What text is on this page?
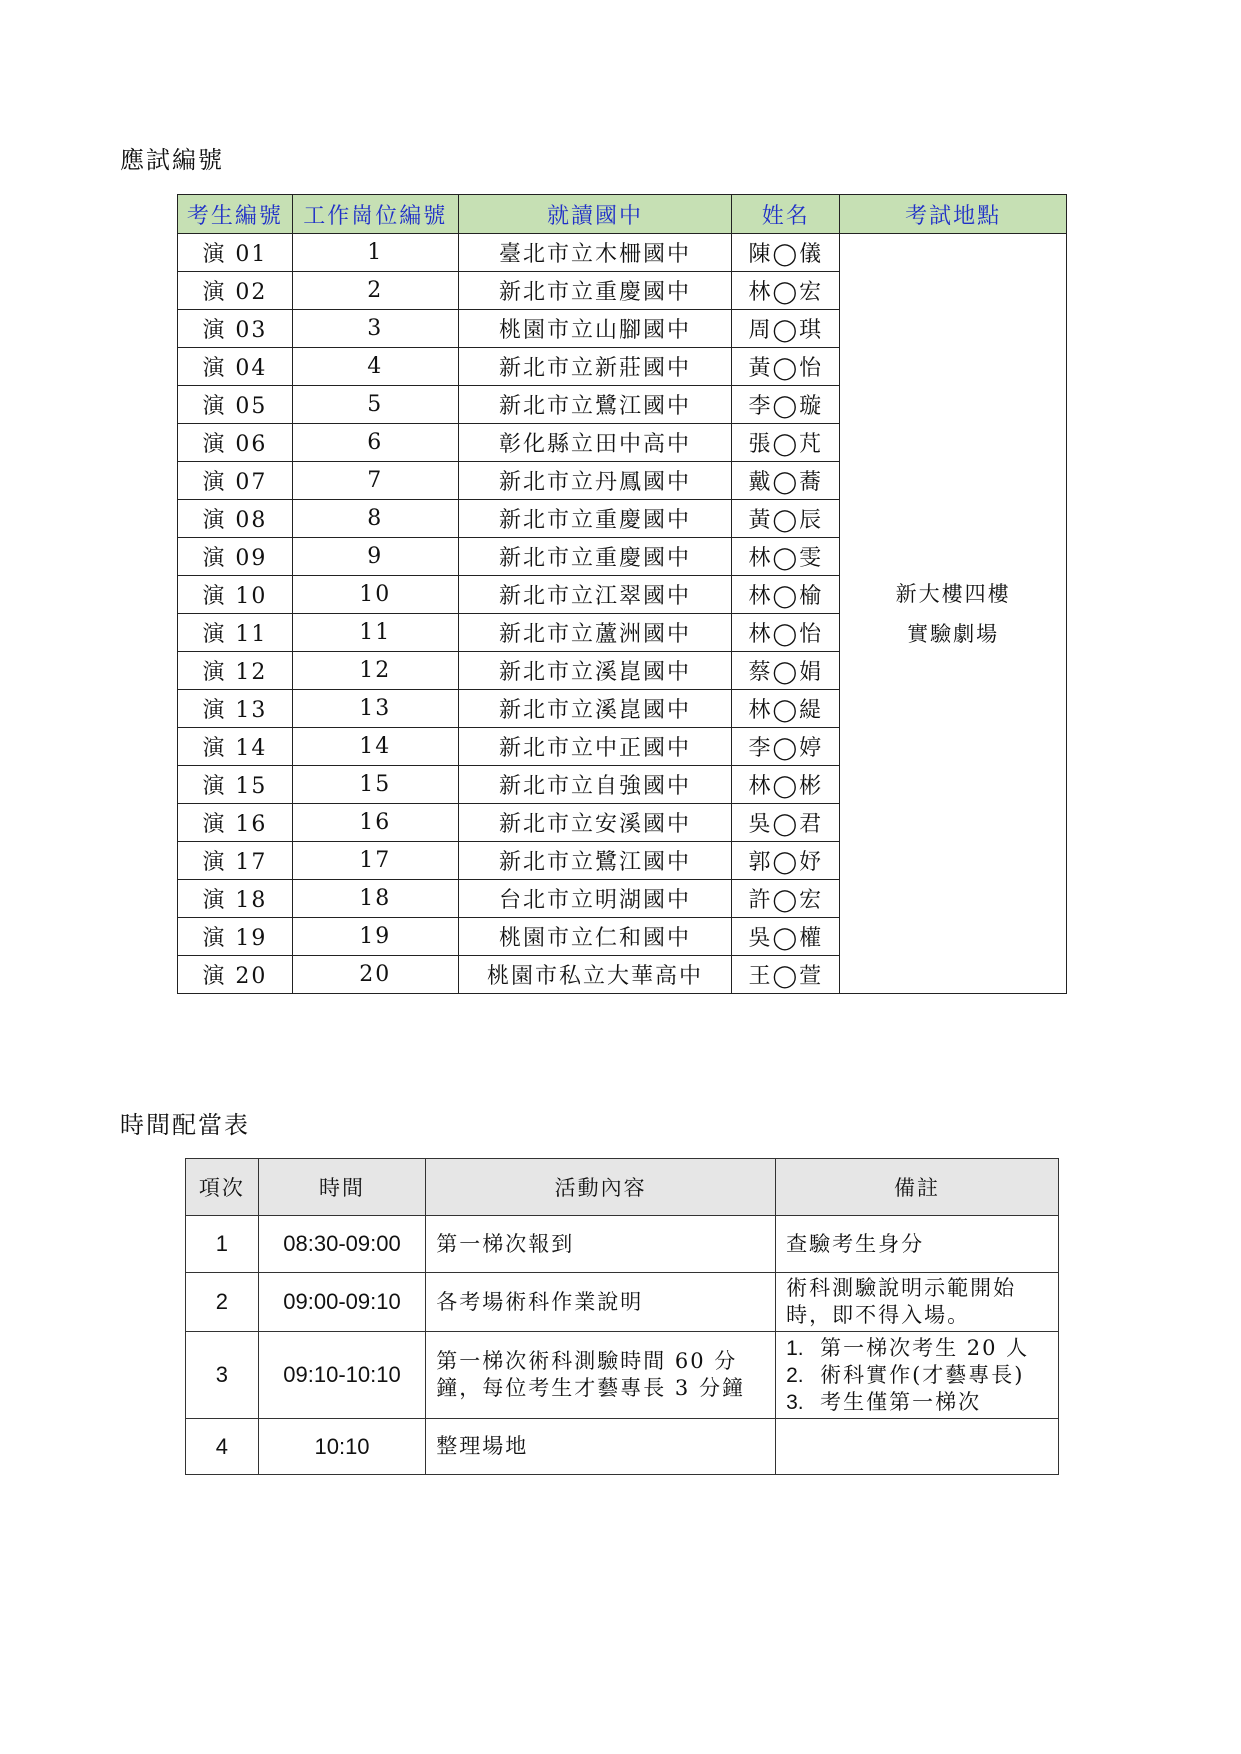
應試編號
考生編號	工作崗位編號	就讀國中	姓名	考試地點
演 01	1	臺北市立木柵國中	陳◯儀	新大樓四樓
實驗劇場

演 02	2	新北市立重慶國中	林◯宏	
演 03	3	桃園市立山腳國中	周◯琪	
演 04	4	新北市立新莊國中	黃◯怡	
演 05	5	新北市立鷺江國中	李◯璇	
演 06	6	彰化縣立田中高中	張◯芃	
演 07	7	新北市立丹鳳國中	戴◯蕎	
演 08	8	新北市立重慶國中	黃◯辰	
演 09	9	新北市立重慶國中	林◯雯	
演 10	10	新北市立江翠國中	林◯榆	
演 11	11	新北市立蘆洲國中	林◯怡	
演 12	12	新北市立溪崑國中	蔡◯娟	
演 13	13	新北市立溪崑國中	林◯緹	
演 14	14	新北市立中正國中	李◯婷	
演 15	15	新北市立自強國中	林◯彬	
演 16	16	新北市立安溪國中	吳◯君	
演 17	17	新北市立鷺江國中	郭◯妤	
演 18	18	台北市立明湖國中	許◯宏	
演 19	19	桃園市立仁和國中	吳◯權	
演 20	20	桃園市私立大華高中	王◯萱	
時間配當表
項次	時間	活動內容	備註
1	08:30-09:00	第一梯次報到	查驗考生身分

2	09:00-09:10	各考場術科作業說明	術科測驗說明示範開始
時，即不得入場。

3	09:10-10:10	第一梯次術科測驗時間 60 分
鐘，每位考生才藝專長 3 分鐘	1. 第一梯次考生 20 人
2. 術科實作(才藝專長)
3. 考生僅第一梯次

4	10:10	整理場地	
